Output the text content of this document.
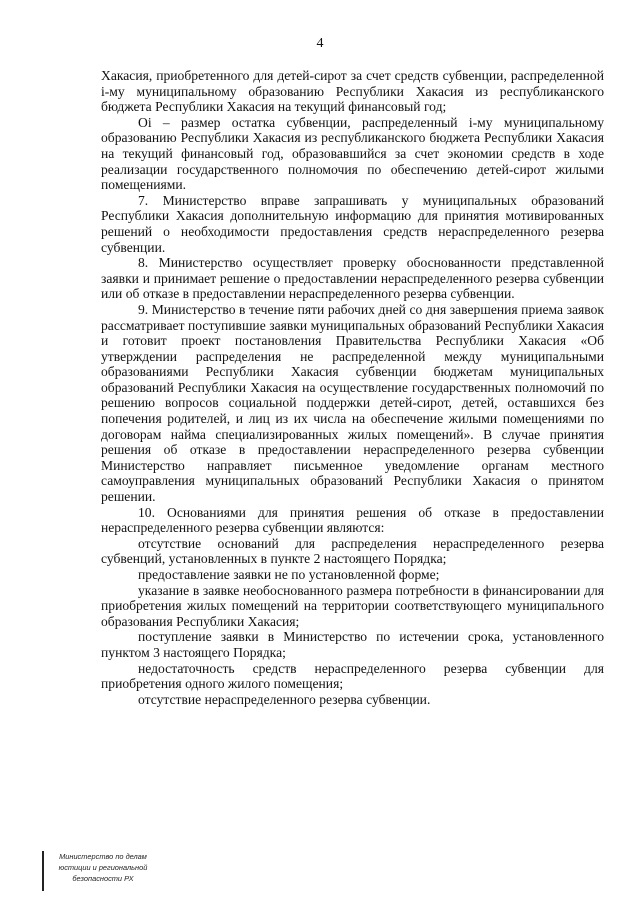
4

Хакасия, приобретенного для детей-сирот за счет средств субвенции, распределенной i-му муниципальному образованию Республики Хакасия из республиканского бюджета Республики Хакасия на текущий финансовый год;

Оi – размер остатка субвенции, распределенный i-му муниципальному образованию Республики Хакасия из республиканского бюджета Республики Хакасия на текущий финансовый год, образовавшийся за счет экономии средств в ходе реализации государственного полномочия по обеспечению детей-сирот жилыми помещениями.

7. Министерство вправе запрашивать у муниципальных образований Республики Хакасия дополнительную информацию для принятия мотивированных решений о необходимости предоставления средств нераспределенного резерва субвенции.

8. Министерство осуществляет проверку обоснованности представленной заявки и принимает решение о предоставлении нераспределенного резерва субвенции или об отказе в предоставлении нераспределенного резерва субвенции.

9. Министерство в течение пяти рабочих дней со дня завершения приема заявок рассматривает поступившие заявки муниципальных образований Республики Хакасия и готовит проект постановления Правительства Республики Хакасия «Об утверждении распределения не распределенной между муниципальными образованиями Республики Хакасия субвенции бюджетам муниципальных образований Республики Хакасия на осуществление государственных полномочий по решению вопросов социальной поддержки детей-сирот, детей, оставшихся без попечения родителей, и лиц из их числа на обеспечение жилыми помещениями по договорам найма специализированных жилых помещений». В случае принятия решения об отказе в предоставлении нераспределенного резерва субвенции Министерство направляет письменное уведомление органам местного самоуправления муниципальных образований Республики Хакасия о принятом решении.

10. Основаниями для принятия решения об отказе в предоставлении нераспределенного резерва субвенции являются:

отсутствие оснований для распределения нераспределенного резерва субвенций, установленных в пункте 2 настоящего Порядка;

предоставление заявки не по установленной форме;

указание в заявке необоснованного размера потребности в финансировании для приобретения жилых помещений на территории соответствующего муниципального образования Республики Хакасия;

поступление заявки в Министерство по истечении срока, установленного пунктом 3 настоящего Порядка;

недостаточность средств нераспределенного резерва субвенции для приобретения одного жилого помещения;

отсутствие нераспределенного резерва субвенции.

Министерство по делам
юстиции и региональной
безопасности РХ
